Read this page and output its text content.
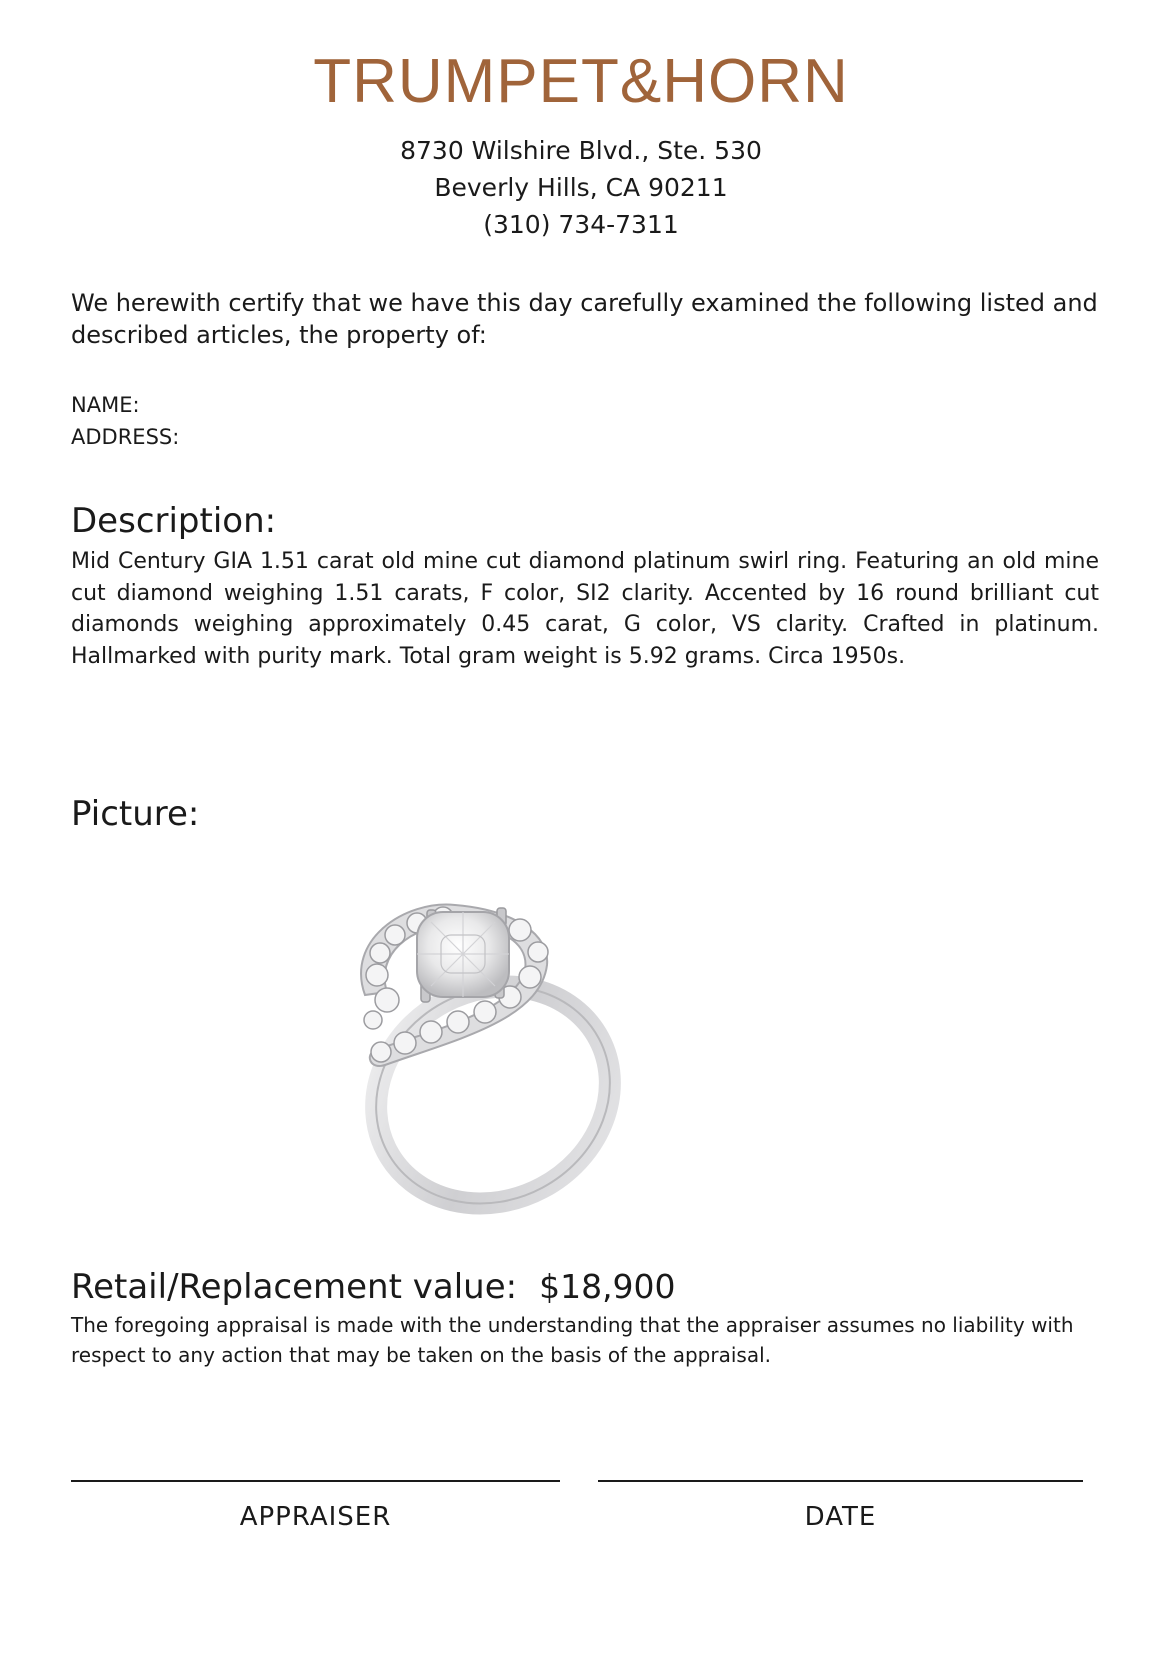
TRUMPET&HORN
8730 Wilshire Blvd., Ste. 530
Beverly Hills, CA 90211
(310) 734-7311
We herewith certify that we have this day carefully examined the following listed and described articles, the property of:
NAME:
ADDRESS:
Description:
Mid Century GIA 1.51 carat old mine cut diamond platinum swirl ring. Featuring an old mine cut diamond weighing 1.51 carats, F color, SI2 clarity. Accented by 16 round brilliant cut diamonds weighing approximately 0.45 carat, G color, VS clarity. Crafted in platinum. Hallmarked with purity mark. Total gram weight is 5.92 grams. Circa 1950s.
Picture:
Retail/Replacement value: $18,900
The foregoing appraisal is made with the understanding that the appraiser assumes no liability with respect to any action that may be taken on the basis of the appraisal.
APPRAISER	DATE
